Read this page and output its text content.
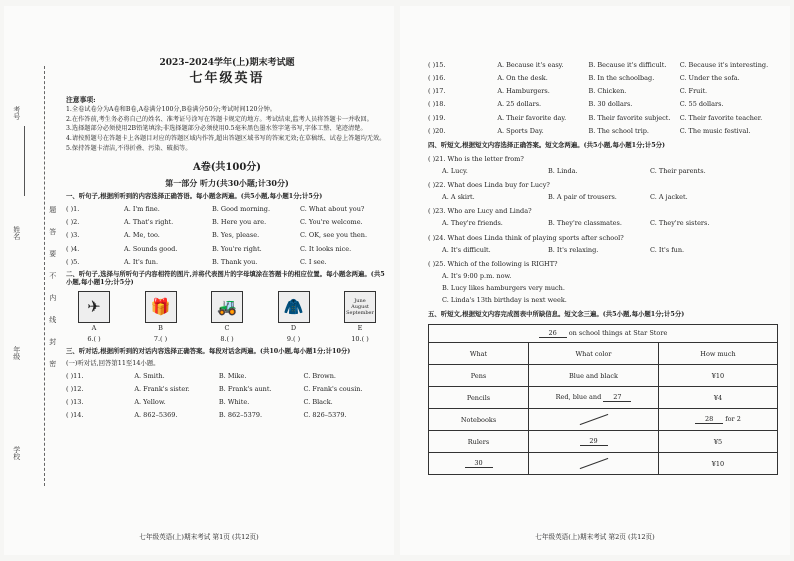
考号
姓名
年级
学校
题
答
要
不
内
线
封
密
2023–2024学年(上)期末考试题
七年级英语
注意事项:
1.全卷试卷分为A卷和B卷,A卷满分100分,B卷满分50分;考试时间120分钟。
2.在作答前,考生务必将自己的姓名、准考证号涂写在答题卡规定的地方。考试结束,监考人员将答题卡一并收回。
3.选择题部分必须使用2B铅笔填涂;非选择题部分必须使用0.5毫米黑色墨水签字笔书写,字体工整、笔迹清楚。
4.请按照题号在答题卡上各题目对应的答题区域内作答,超出答题区域书写的答案无效;在草稿纸、试卷上答题均无效。
5.保持答题卡清洁,不得折叠、污染、破损等。
A卷(共100分)
第一部分 听力(共30小题;计30分)
一、听句子,根据所听到的内容选择正确答语。每小题念两遍。(共5小题,每小题1分;计5分)
( )1.	A. I'm fine.	B. Good morning.	C. What about you?
( )2.	A. That's right.	B. Here you are.	C. You're welcome.
( )3.	A. Me, too.	B. Yes, please.	C. OK, see you then.
( )4.	A. Sounds good.	B. You're right.	C. It looks nice.
( )5.	A. It's fun.	B. Thank you.	C. I see.
二、听句子,选择与所听句子内容相符的图片,并将代表图片的字母填涂在答题卡的相应位置。每小题念两遍。(共5小题,每小题1分;计5分)
✈
A
6.( )
🎁
B
7.( )
🚜
C
8.( )
🧥
D
9.( )
June
August
September
E
10.( )
三、听对话,根据所听到的对话内容选择正确答案。每段对话念两遍。(共10小题,每小题1分;计10分)
(一)听对话,回答第11至14小题。
( )11.	A. Smith.	B. Mike.	C. Brown.
( )12.	A. Frank's sister.	B. Frank's aunt.	C. Frank's cousin.
( )13.	A. Yellow.	B. White.	C. Black.
( )14.	A. 862–5369.	B. 862–5379.	C. 826–5379.
七年级英语(上)期末考试 第1页 (共12页)
( )15.	A. Because it's easy.	B. Because it's difficult.	C. Because it's interesting.
( )16.	A. On the desk.	B. In the schoolbag.	C. Under the sofa.
( )17.	A. Hamburgers.	B. Chicken.	C. Fruit.
( )18.	A. 25 dollars.	B. 30 dollars.	C. 55 dollars.
( )19.	A. Their favorite day.	B. Their favorite subject.	C. Their favorite teacher.
( )20.	A. Sports Day.	B. The school trip.	C. The music festival.
四、听短文,根据短文内容选择正确答案。短文念两遍。(共5小题,每小题1分;计5分)
( )21. Who is the letter from?
A. Lucy.	B. Linda.	C. Their parents.
( )22. What does Linda buy for Lucy?
A. A skirt.	B. A pair of trousers.	C. A jacket.
( )23. Who are Lucy and Linda?
A. They're friends.	B. They're classmates.	C. They're sisters.
( )24. What does Linda think of playing sports after school?
A. It's difficult.	B. It's relaxing.	C. It's fun.
( )25. Which of the following is RIGHT?
A. It's 9:00 p.m. now.
B. Lucy likes hamburgers very much.
C. Linda's 13th birthday is next week.
五、听短文,根据短文内容完成图表中所缺信息。短文念三遍。(共5小题,每小题1分;计5分)
26 on school things at Star Store		
What	What color	How much
Pens	Blue and black	¥10
Pencils	Red, blue and 27	¥4
Notebooks		28 for 2
Rulers	29	¥5
30		¥10
七年级英语(上)期末考试 第2页 (共12页)
